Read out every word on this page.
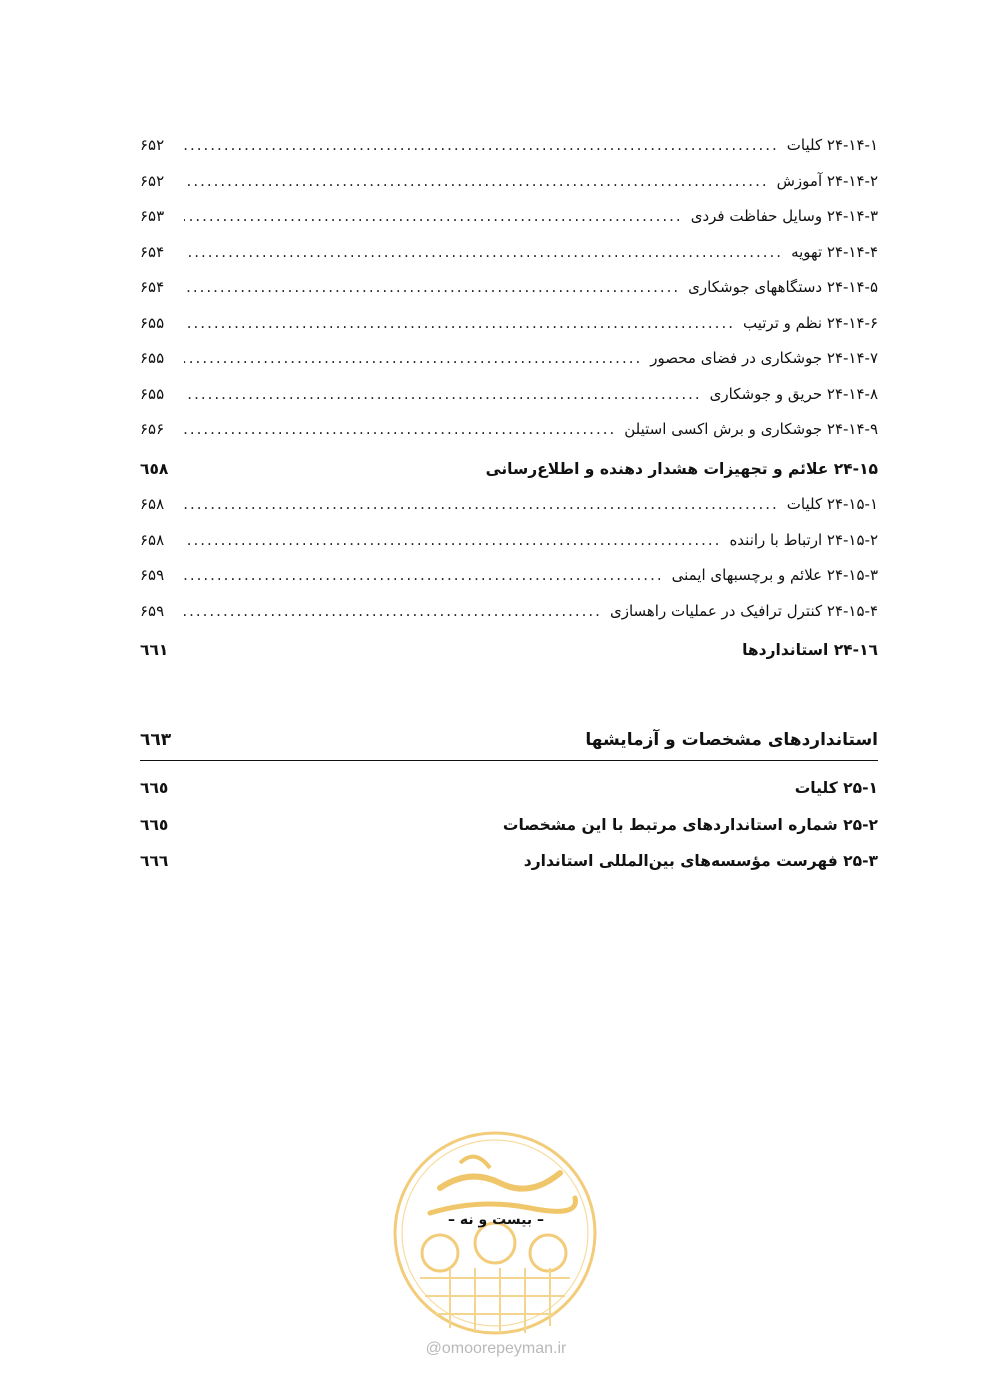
۲۴-۱۴-۱ کلیات
.....
۶۵۲
۲۴-۱۴-۲ آموزش
.....
۶۵۲
۲۴-۱۴-۳ وسایل حفاظت فردی
.....
۶۵۳
۲۴-۱۴-۴ تهویه
.....
۶۵۴
۲۴-۱۴-۵ دستگاههای جوشکاری
.....
۶۵۴
۲۴-۱۴-۶ نظم و ترتیب
.....
۶۵۵
۲۴-۱۴-۷ جوشکاری در فضای محصور
.....
۶۵۵
۲۴-۱۴-۸ حریق و جوشکاری
.....
۶۵۵
۲۴-۱۴-۹ جوشکاری و برش اکسی استیلن
.....
۶۵۶
۲۴-۱۵ علائم و تجهیزات هشدار دهنده و اطلاع‌رسانی
٦٥٨
۲۴-۱۵-۱ کلیات
.....
۶۵۸
۲۴-۱۵-۲ ارتباط با راننده
.....
۶۵۸
۲۴-۱۵-۳ علائم و برچسبهای ایمنی
.....
۶۵۹
۲۴-۱۵-۴ کنترل ترافیک در عملیات راهسازی
.....
۶۵۹
۲۴-۱٦ استانداردها
٦٦١
استانداردهای مشخصات و آزمایشها
٦٦٣
۲۵-۱ کلیات
٦٦٥
۲۵-۲ شماره استانداردهای مرتبط با این مشخصات
٦٦٥
۲۵-۳ فهرست مؤسسه‌های بین‌المللی استاندارد
٦٦٦
– بیست و نه –
@omoorepeyman.ir
